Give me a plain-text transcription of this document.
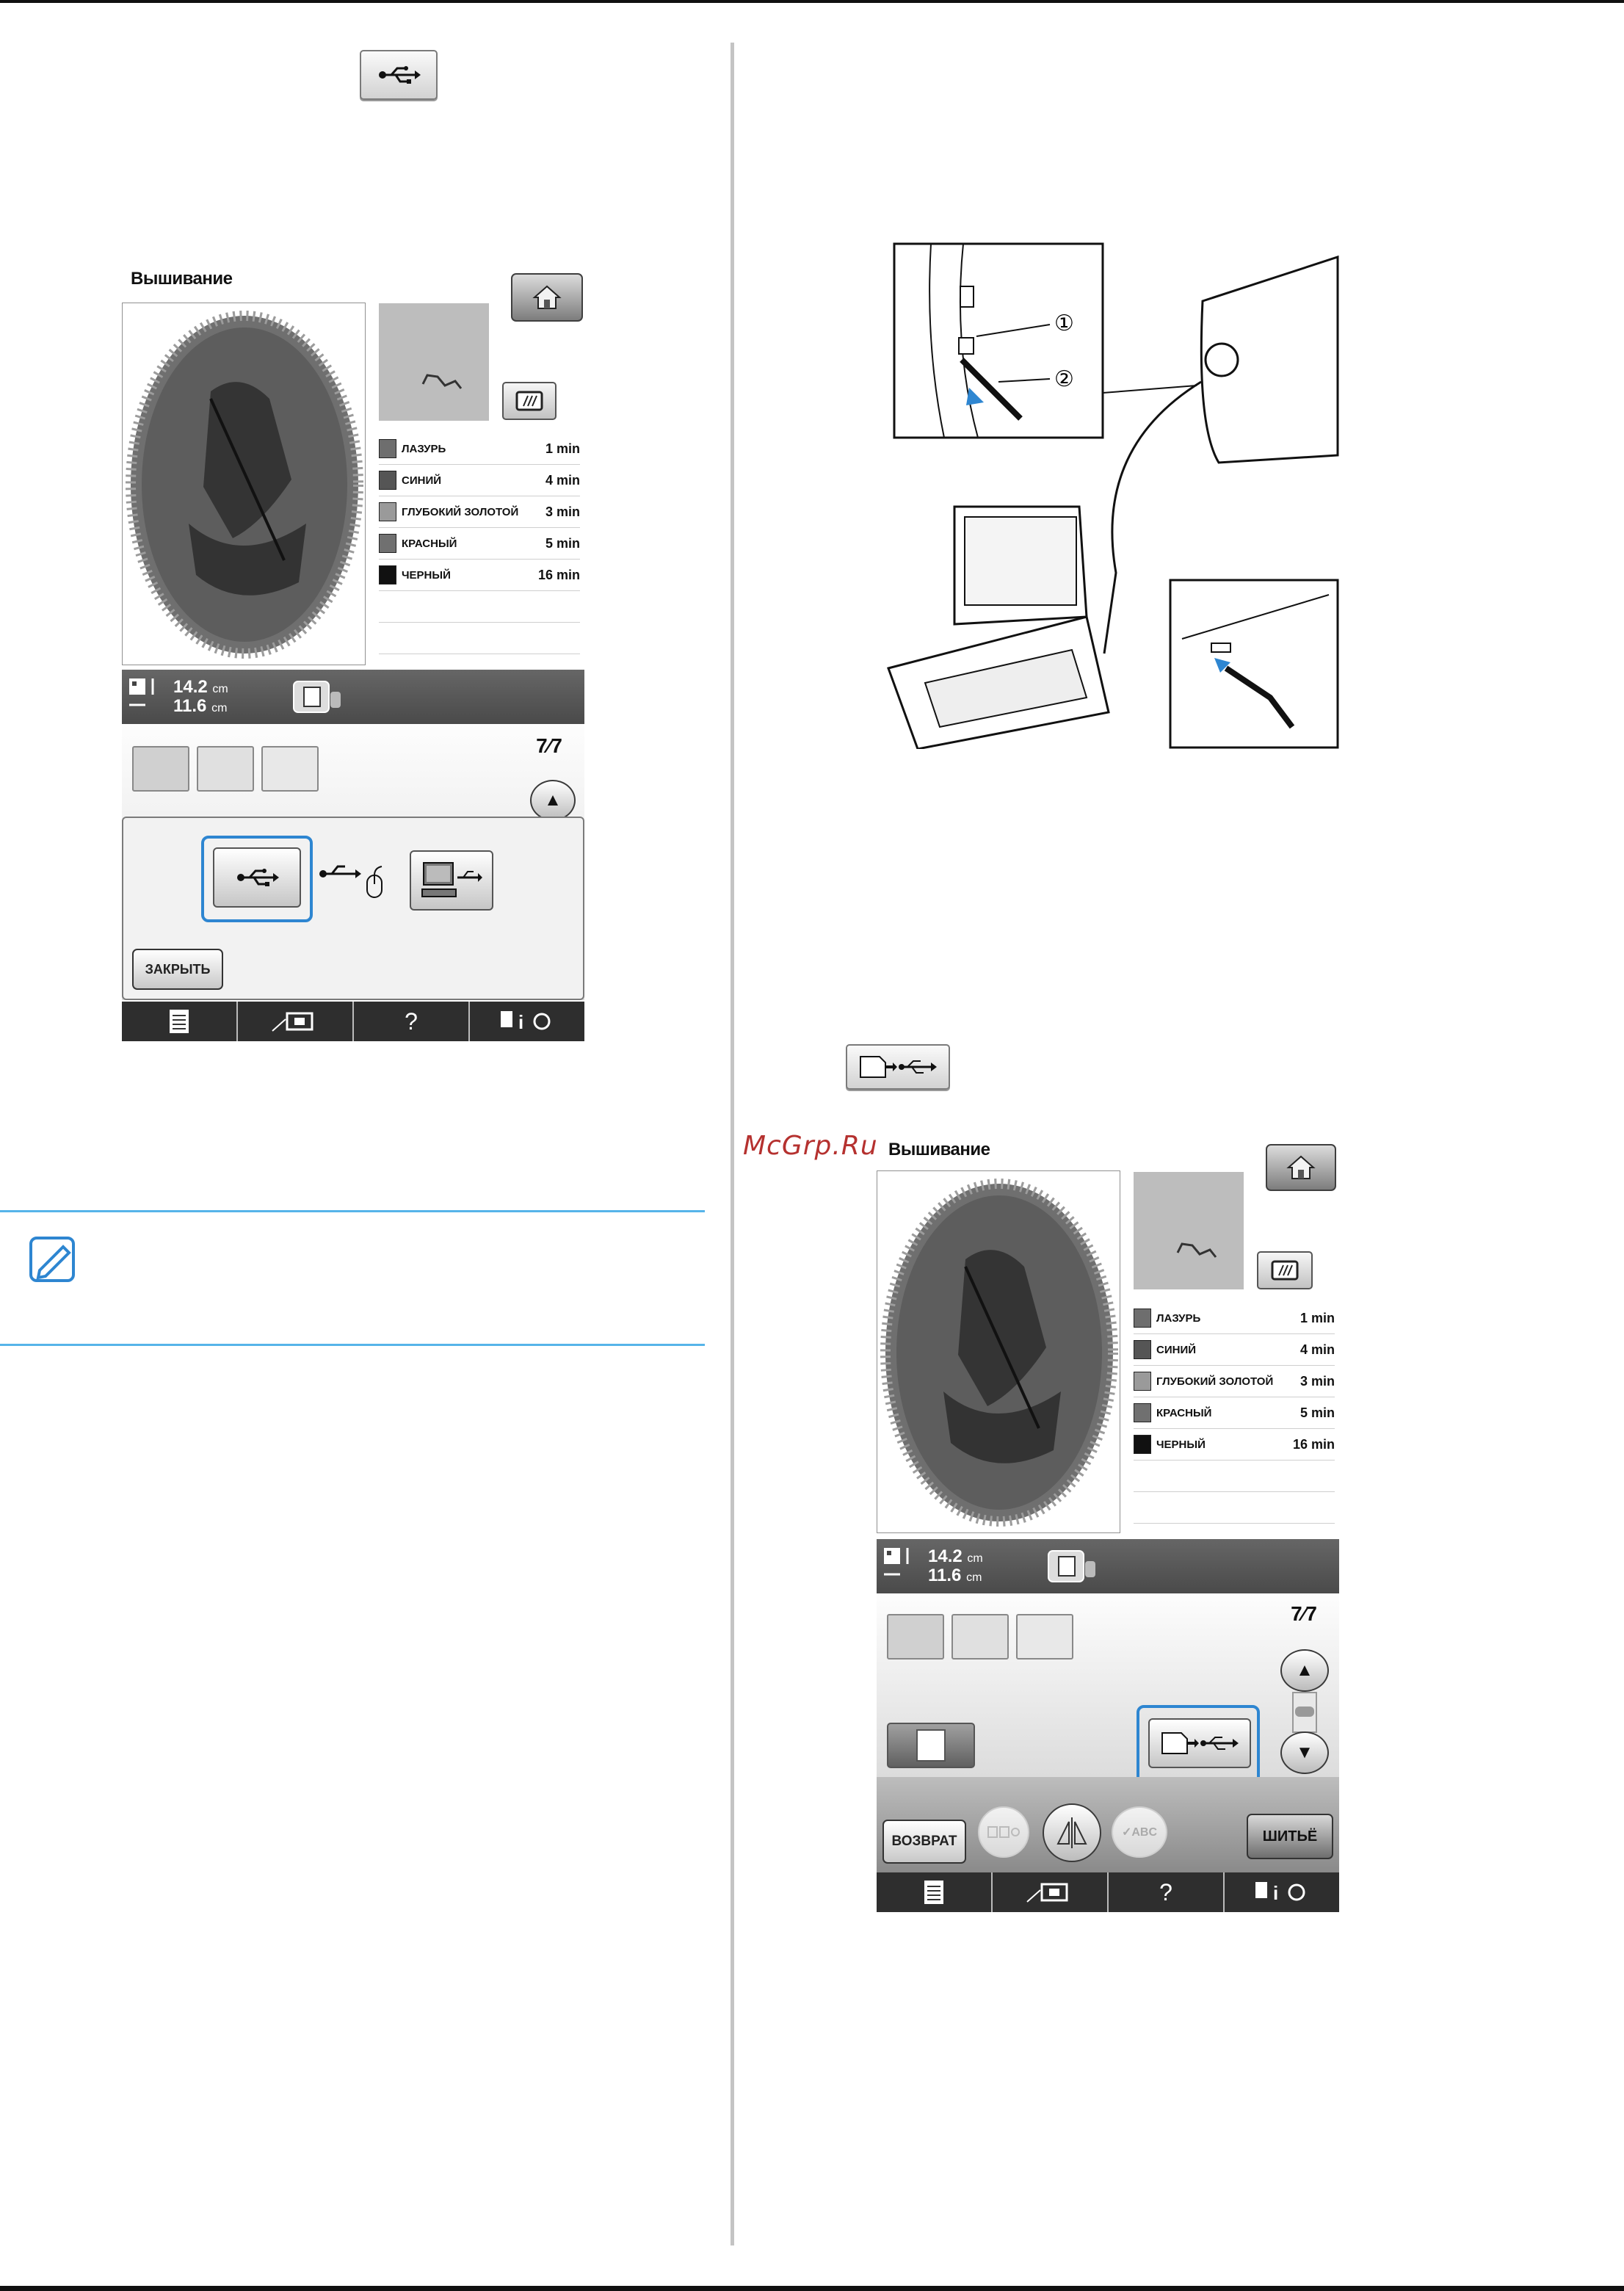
Вышивание
ЛАЗУРЬ	1 min
СИНИЙ	4 min
ГЛУБОКИЙ ЗОЛОТОЙ	3 min
КРАСНЫЙ	5 min
ЧЕРНЫЙ	16 min
14.2 cm
11.6 cm
7⁄7
▲
ЗАКРЫТЬ
?	i
①
②
McGrp.Ru Вышивание
ЛАЗУРЬ	1 min
СИНИЙ	4 min
ГЛУБОКИЙ ЗОЛОТОЙ	3 min
КРАСНЫЙ	5 min
ЧЕРНЫЙ	16 min
14.2 cm
11.6 cm
7⁄7
▲
▼
ВОЗВРАТ
✓ABC	ШИТЬЁ
?	i
